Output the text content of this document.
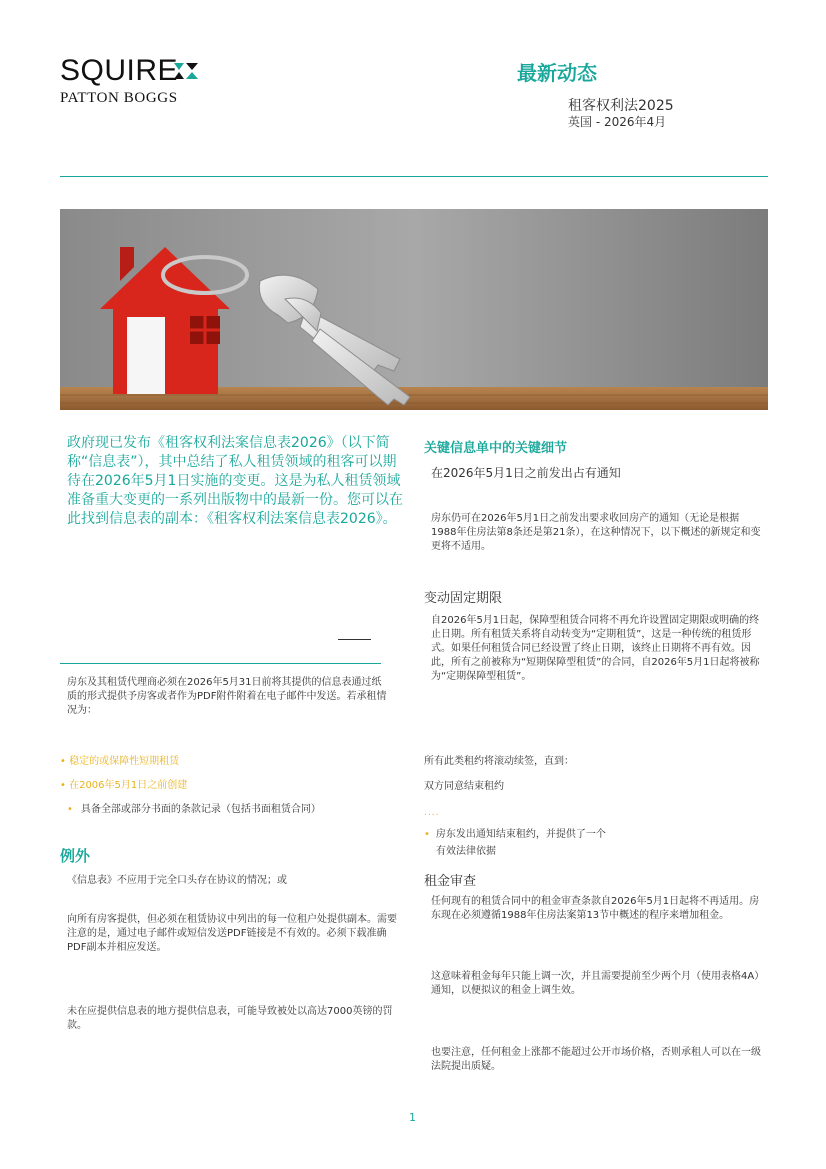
SQUIRE
PATTON BOGGS
最新动态
租客权利法2025
英国 - 2026年4月
政府现已发布《租客权利法案信息表2026》（以下简称“信息表”），其中总结了私人租赁领域的租客可以期待在2026年5月1日实施的变更。这是为私人租赁领域准备重大变更的一系列出版物中的最新一份。您可以在此找到信息表的副本：《租客权利法案信息表2026》。
房东及其租赁代理商必须在2026年5月31日前将其提供的信息表通过纸质的形式提供予房客或者作为PDF附件附着在电子邮件中发送。若承租情况为：
• 稳定的或保障性短期租赁
• 在2006年5月1日之前创建
• 具备全部或部分书面的条款记录（包括书面租赁合同）
例外
《信息表》不应用于完全口头存在协议的情况；或
向所有房客提供，但必须在租赁协议中列出的每一位租户处提供副本。需要注意的是，通过电子邮件或短信发送PDF链接是不有效的。必须下载准确PDF副本并相应发送。
未在应提供信息表的地方提供信息表，可能导致被处以高达7000英镑的罚款。
关键信息单中的关键细节
在2026年5月1日之前发出占有通知
房东仍可在2026年5月1日之前发出要求收回房产的通知（无论是根据1988年住房法第8条还是第21条），在这种情况下，以下概述的新规定和变更将不适用。
变动固定期限
自2026年5月1日起，保障型租赁合同将不再允许设置固定期限或明确的终止日期。所有租赁关系将自动转变为“定期租赁”，这是一种传统的租赁形式。如果任何租赁合同已经设置了终止日期，该终止日期将不再有效。因此，所有之前被称为“短期保障型租赁”的合同，自2026年5月1日起将被称为“定期保障型租赁”。
所有此类租约将滚动续签，直到：
双方同意结束租约
....
• 房东发出通知结束租约，并提供了一个
有效法律依据
租金审查
任何现有的租赁合同中的租金审查条款自2026年5月1日起将不再适用。房东现在必须遵循1988年住房法案第13节中概述的程序来增加租金。
这意味着租金每年只能上调一次，并且需要提前至少两个月（使用表格4A）通知，以便拟议的租金上调生效。
也要注意，任何租金上涨都不能超过公开市场价格，否则承租人可以在一级法院提出质疑。
1
